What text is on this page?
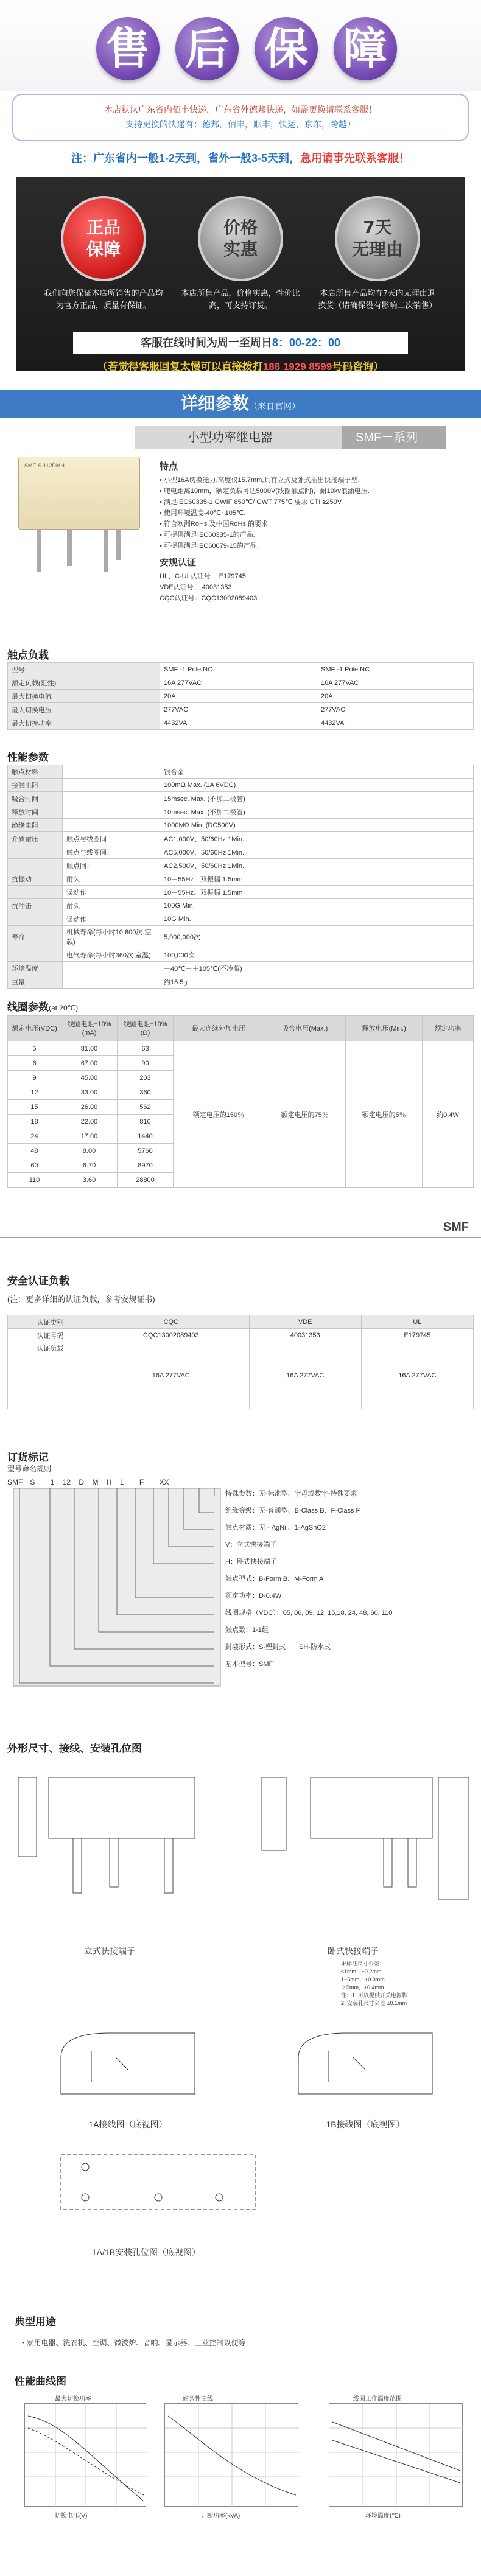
售 后 保 障
本店默认广东省内佰丰快递，广东省外德邦快递，如需更换请联系客服！
支持更换的快递有：德邦，佰丰，顺丰，快运，京东，跨越）
注：广东省内一般1-2天到，省外一般3-5天到，急用请事先联系客服！
正品
保障
价格
实惠
7天
无理由
我们向您保证本店所销售的产品均为官方正品，质量有保证。
本店所售产品，价格实惠，性价比高，可支持订货。
本店所售产品均在7天内无理由退换货（请确保没有影响二次销售）
客服在线时间为周一至周日8：00-22：00
（若觉得客服回复太慢可以直接拨打188 1929 8599号码咨询）
详细参数（来自官网）
小型功率继电器	SMF－系列
SMF-S-112DMH	特点
• 小型16A切换能力,高度仅15.7mm,具有立式及卧式插出快接端子型.
• 爬电距离10mm，额定负载可达5000V(线圈触点间)，耐10kv浪涌电压.
• 满足IEC60335-1 GWIF 850℃/ GWT 775℃ 要求 CTI ≥250V.
• 使用环境温度-40℃~105℃.
• 符合欧洲RoHs 及中国RoHs 的要求.
• 可提供满足IEC60335-1的产品.
• 可提供满足IEC60079-15的产品.
安规认证
UL、C-UL认证号： E179745
VDE认证号： 40031353
CQC认证号：CQC13002089403
触点负载
型号	SMF -1 Pole NO	SMF -1 Pole NC
额定负载(阻性)	16A 277VAC	16A 277VAC
最大切换电流	20A	20A
最大切换电压	277VAC	277VAC
最大切换功率	4432VA	4432VA
性能参数
触点材料		银合金
接触电阻		100mΩ Max. (1A 6VDC)
吸合时间		15msec. Max. (不加二极管)
释放时间		10msec. Max. (不加二极管)
绝缘电阻		1000MΩ Min. (DC500V)
介质耐压	触点与线圈间：	AC1,000V、50/60Hz 1Min.
	触点与线圈间：	AC5,000V、50/60Hz 1Min.
	触点间：	AC2,500V、50/60Hz 1Min.
抗振动	耐久	10－55Hz、双振幅 1.5mm
	误动作	10－55Hz、双振幅 1.5mm
抗冲击	耐久	100G Min.
	误动作	10G Min.
寿命	机械寿命(每小时10,800次 空载)	5,000,000次
	电气寿命(每小时360次 室温)	100,000次
环境温度		－40℃－＋105℃(不冷凝)
重量		约15.5g
线圈参数(at 20℃)
额定电压(VDC)	线圈电阻±10% (mA)	线圈电阻±10% (Ω)	最大连续外加电压	吸合电压(Max.)	释放电压(Min.)	额定功率
5	81.00	63	额定电压的150％	额定电压的75％	额定电压的5％	约0.4W
6	67.00	90				
9	45.00	203				
12	33.00	360				
15	26.00	562				
18	22.00	810				
24	17.00	1440				
48	8.00	5760				
60	6.70	8970				
110	3.60	28800				
SMF
安全认证负载
(注：更多详细的认证负载，参考安规证书)
认证类别	CQC	VDE	UL
认证号码	CQC13002089403	40031353	E179745
认证负载	16A 277VAC	16A 277VAC	16A 277VAC
订货标记
型号命名规则
SMF－S －1 12 D M H 1 －F －XX
特殊参数：无-标准型、字母或数字-特殊要求
绝缘等级：无-普通型、B-Class B、F-Class F
触点材质：无 - AgNi 、1-AgSnO2
V：立式快接端子
H：卧式快接端子
触点型式：B-Form B、M-Form A
额定功率：D-0.4W
线圈规格（VDC）：05, 06, 09, 12, 15,18, 24, 48, 60, 110
触点数：1-1组
封装形式：S-塑封式　　SH-防水式
基本型号：SMF
外形尺寸、接线、安装孔位图
立式快接端子	卧式快接端子
未标注尺寸公差：
≤1mm，±0.2mm
1~5mm，±0.3mm
＞5mm，±0.4mm
注：1. 可以提供开关电源脚
2. 安装孔尺寸公差 ±0.1mm
1A接线图（底视图）	1B接线图（底视图）
1A/1B安装孔位图（底视图）
典型用途
• 家用电器、洗衣机、空调、微波炉、音响、显示器、工业控制以便等
性能曲线图
最大切换功率
切换电压(V)
耐久性曲线
开断功率(kVA)
线圈工作温度范围
环境温度(℃)
